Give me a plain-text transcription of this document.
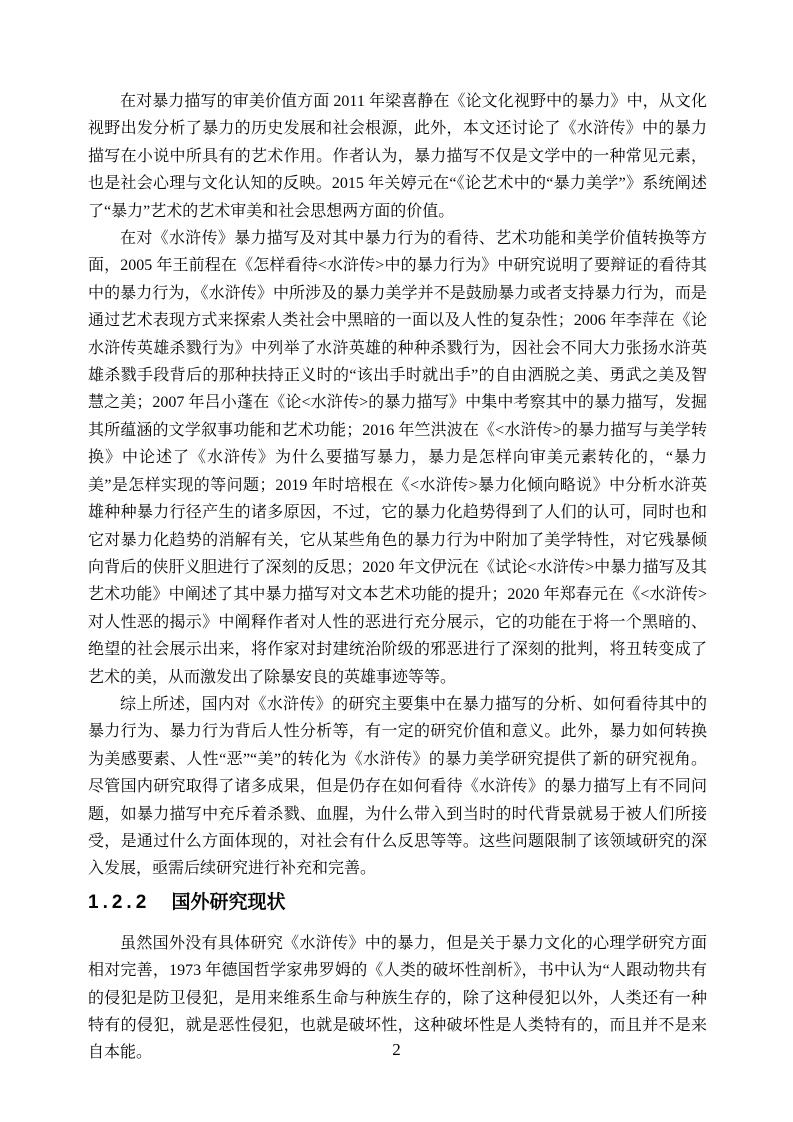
在对暴力描写的审美价值方面 2011 年梁喜静在《论文化视野中的暴力》中，从文化视野出发分析了暴力的历史发展和社会根源，此外，本文还讨论了《水浒传》中的暴力描写在小说中所具有的艺术作用。作者认为，暴力描写不仅是文学中的一种常见元素，也是社会心理与文化认知的反映。2015 年关婷元在“《论艺术中的“暴力美学”》系统阐述了“暴力”艺术的艺术审美和社会思想两方面的价值。

在对《水浒传》暴力描写及对其中暴力行为的看待、艺术功能和美学价值转换等方面，2005 年王前程在《怎样看待<水浒传>中的暴力行为》中研究说明了要辩证的看待其中的暴力行为，《水浒传》中所涉及的暴力美学并不是鼓励暴力或者支持暴力行为，而是通过艺术表现方式来探索人类社会中黑暗的一面以及人性的复杂性；2006 年李萍在《论水浒传英雄杀戮行为》中列举了水浒英雄的种种杀戮行为，因社会不同大力张扬水浒英雄杀戮手段背后的那种扶持正义时的“该出手时就出手”的自由洒脱之美、勇武之美及智慧之美；2007 年吕小蓬在《论<水浒传>的暴力描写》中集中考察其中的暴力描写，发掘其所蕴涵的文学叙事功能和艺术功能；2016 年竺洪波在《<水浒传>的暴力描写与美学转换》中论述了《水浒传》为什么要描写暴力，暴力是怎样向审美元素转化的，“暴力美”是怎样实现的等问题；2019 年时培根在《<水浒传>暴力化倾向略说》中分析水浒英雄种种暴力行径产生的诸多原因，不过，它的暴力化趋势得到了人们的认可，同时也和它对暴力化趋势的消解有关，它从某些角色的暴力行为中附加了美学特性，对它残暴倾向背后的侠肝义胆进行了深刻的反思；2020 年文伊沅在《试论<水浒传>中暴力描写及其艺术功能》中阐述了其中暴力描写对文本艺术功能的提升；2020 年郑春元在《<水浒传>对人性恶的揭示》中阐释作者对人性的恶进行充分展示，它的功能在于将一个黑暗的、绝望的社会展示出来，将作家对封建统治阶级的邪恶进行了深刻的批判，将丑转变成了艺术的美，从而激发出了除暴安良的英雄事迹等等。

综上所述，国内对《水浒传》的研究主要集中在暴力描写的分析、如何看待其中的暴力行为、暴力行为背后人性分析等，有一定的研究价值和意义。此外，暴力如何转换为美感要素、人性“恶”“美”的转化为《水浒传》的暴力美学研究提供了新的研究视角。尽管国内研究取得了诸多成果，但是仍存在如何看待《水浒传》的暴力描写上有不同问题，如暴力描写中充斥着杀戮、血腥，为什么带入到当时的时代背景就易于被人们所接受，是通过什么方面体现的，对社会有什么反思等等。这些问题限制了该领域研究的深入发展，亟需后续研究进行补充和完善。

1.2.2 国外研究现状

虽然国外没有具体研究《水浒传》中的暴力，但是关于暴力文化的心理学研究方面相对完善，1973 年德国哲学家弗罗姆的《人类的破坏性剖析》，书中认为“人跟动物共有的侵犯是防卫侵犯，是用来维系生命与种族生存的，除了这种侵犯以外，人类还有一种特有的侵犯，就是恶性侵犯，也就是破坏性，这种破坏性是人类特有的，而且并不是来自本能。	2
